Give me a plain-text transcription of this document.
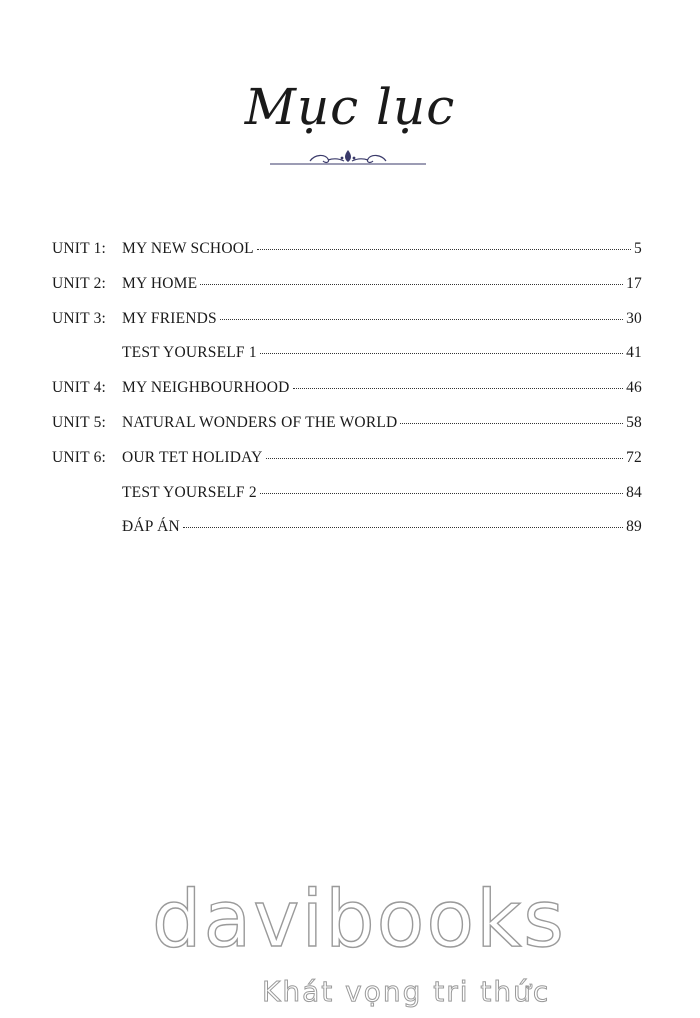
Mục lục
UNIT 1:	MY NEW SCHOOL	5
UNIT 2:	MY HOME	17
UNIT 3:	MY FRIENDS	30
TEST YOURSELF 1	41
UNIT 4:	MY NEIGHBOURHOOD	46
UNIT 5:	NATURAL WONDERS OF THE WORLD	58
UNIT 6:	OUR TET HOLIDAY	72
TEST YOURSELF 2	84
ĐÁP ÁN	89
davibooks
Khát vọng tri thức
